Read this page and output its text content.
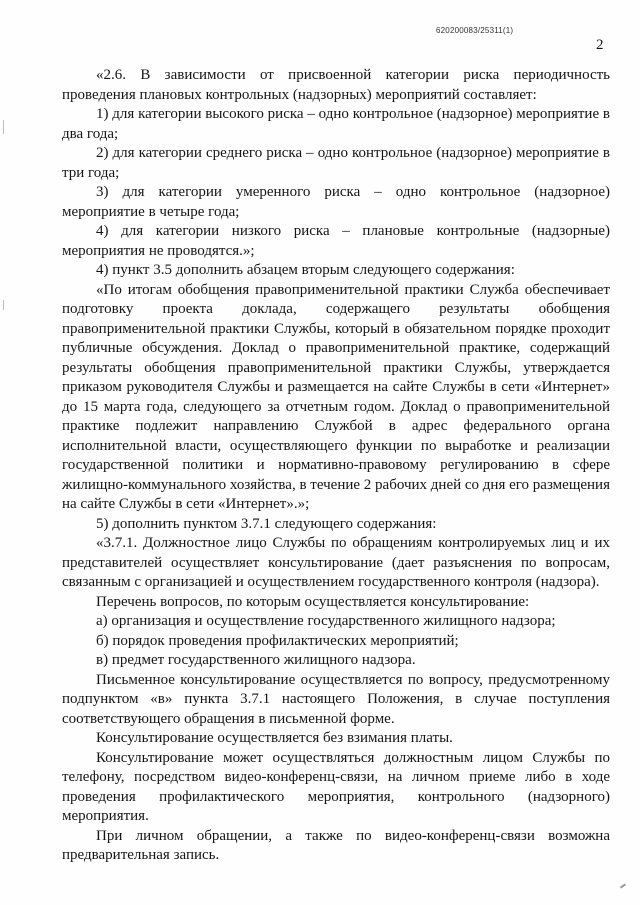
620200083/25311(1)
2

«2.6. В зависимости от присвоенной категории риска периодичность проведения плановых контрольных (надзорных) мероприятий составляет:

1) для категории высокого риска – одно контрольное (надзорное) мероприятие в два года;

2) для категории среднего риска – одно контрольное (надзорное) мероприятие в три года;

3) для категории умеренного риска – одно контрольное (надзорное) мероприятие в четыре года;

4) для категории низкого риска – плановые контрольные (надзорные) мероприятия не проводятся.»;

4) пункт 3.5 дополнить абзацем вторым следующего содержания:

«По итогам обобщения правоприменительной практики Служба обеспечивает подготовку проекта доклада, содержащего результаты обобщения правоприменительной практики Службы, который в обязательном порядке проходит публичные обсуждения. Доклад о правоприменительной практике, содержащий результаты обобщения правоприменительной практики Службы, утверждается приказом руководителя Службы и размещается на сайте Службы в сети «Интернет» до 15 марта года, следующего за отчетным годом. Доклад о правоприменительной практике подлежит направлению Службой в адрес федерального органа исполнительной власти, осуществляющего функции по выработке и реализации государственной политики и нормативно-правовому регулированию в сфере жилищно-коммунального хозяйства, в течение 2 рабочих дней со дня его размещения на сайте Службы в сети «Интернет».»;

5) дополнить пунктом 3.7.1 следующего содержания:

«3.7.1. Должностное лицо Службы по обращениям контролируемых лиц и их представителей осуществляет консультирование (дает разъяснения по вопросам, связанным с организацией и осуществлением государственного контроля (надзора).

Перечень вопросов, по которым осуществляется консультирование:

а) организация и осуществление государственного жилищного надзора;

б) порядок проведения профилактических мероприятий;

в) предмет государственного жилищного надзора.

Письменное консультирование осуществляется по вопросу, предусмотренному подпунктом «в» пункта 3.7.1 настоящего Положения, в случае поступления соответствующего обращения в письменной форме.

Консультирование осуществляется без взимания платы.

Консультирование может осуществляться должностным лицом Службы по телефону, посредством видео-конференц-связи, на личном приеме либо в ходе проведения профилактического мероприятия, контрольного (надзорного) мероприятия.

При личном обращении, а также по видео-конференц-связи возможна предварительная запись.
